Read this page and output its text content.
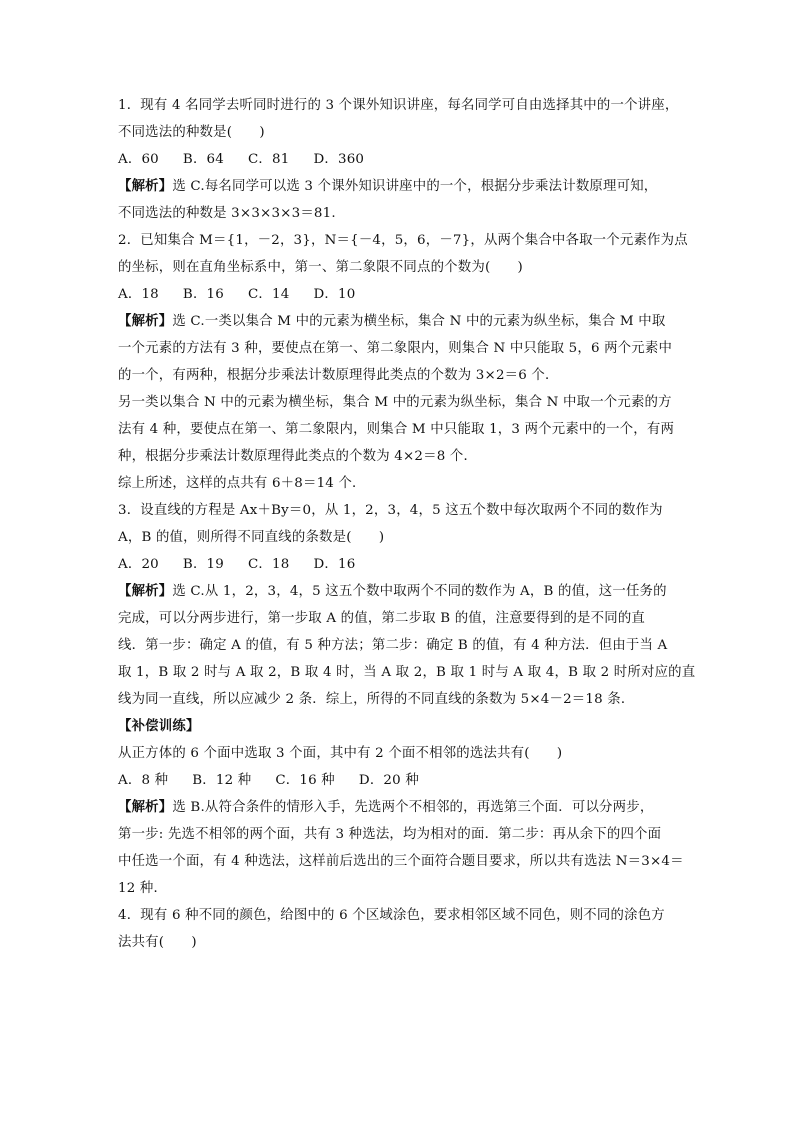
1．现有 4 名同学去听同时进行的 3 个课外知识讲座，每名同学可自由选择其中的一个讲座，
不同选法的种数是(　　)
A．60 B．64 C．81 D．360
【解析】选 C.每名同学可以选 3 个课外知识讲座中的一个，根据分步乘法计数原理可知，
不同选法的种数是 3×3×3×3＝81.
2．已知集合 M＝{1，－2，3}，N＝{－4，5，6，－7}，从两个集合中各取一个元素作为点
的坐标，则在直角坐标系中，第一、第二象限不同点的个数为(　　)
A．18 B．16 C．14 D．10
【解析】选 C.一类以集合 M 中的元素为横坐标，集合 N 中的元素为纵坐标，集合 M 中取
一个元素的方法有 3 种，要使点在第一、第二象限内，则集合 N 中只能取 5，6 两个元素中
的一个，有两种，根据分步乘法计数原理得此类点的个数为 3×2＝6 个．
另一类以集合 N 中的元素为横坐标，集合 M 中的元素为纵坐标，集合 N 中取一个元素的方
法有 4 种，要使点在第一、第二象限内，则集合 M 中只能取 1，3 两个元素中的一个，有两
种，根据分步乘法计数原理得此类点的个数为 4×2＝8 个．
综上所述，这样的点共有 6＋8＝14 个．
3．设直线的方程是 Ax＋By＝0，从 1，2，3，4，5 这五个数中每次取两个不同的数作为
A，B 的值，则所得不同直线的条数是(　　)
A．20 B．19 C．18 D．16
【解析】选 C.从 1，2，3，4，5 这五个数中取两个不同的数作为 A，B 的值，这一任务的
完成，可以分两步进行，第一步取 A 的值，第二步取 B 的值，注意要得到的是不同的直
线．第一步：确定 A 的值，有 5 种方法；第二步：确定 B 的值，有 4 种方法．但由于当 A
取 1，B 取 2 时与 A 取 2，B 取 4 时，当 A 取 2，B 取 1 时与 A 取 4，B 取 2 时所对应的直
线为同一直线，所以应减少 2 条．综上，所得的不同直线的条数为 5×4－2＝18 条．
【补偿训练】
从正方体的 6 个面中选取 3 个面，其中有 2 个面不相邻的选法共有(　　)
A．8 种 B．12 种 C．16 种 D．20 种
【解析】选 B.从符合条件的情形入手，先选两个不相邻的，再选第三个面．可以分两步，
第一步: 先选不相邻的两个面，共有 3 种选法，均为相对的面．第二步：再从余下的四个面
中任选一个面，有 4 种选法，这样前后选出的三个面符合题目要求，所以共有选法 N＝3×4＝
12 种．
4．现有 6 种不同的颜色，给图中的 6 个区域涂色，要求相邻区域不同色，则不同的涂色方
法共有(　　)
